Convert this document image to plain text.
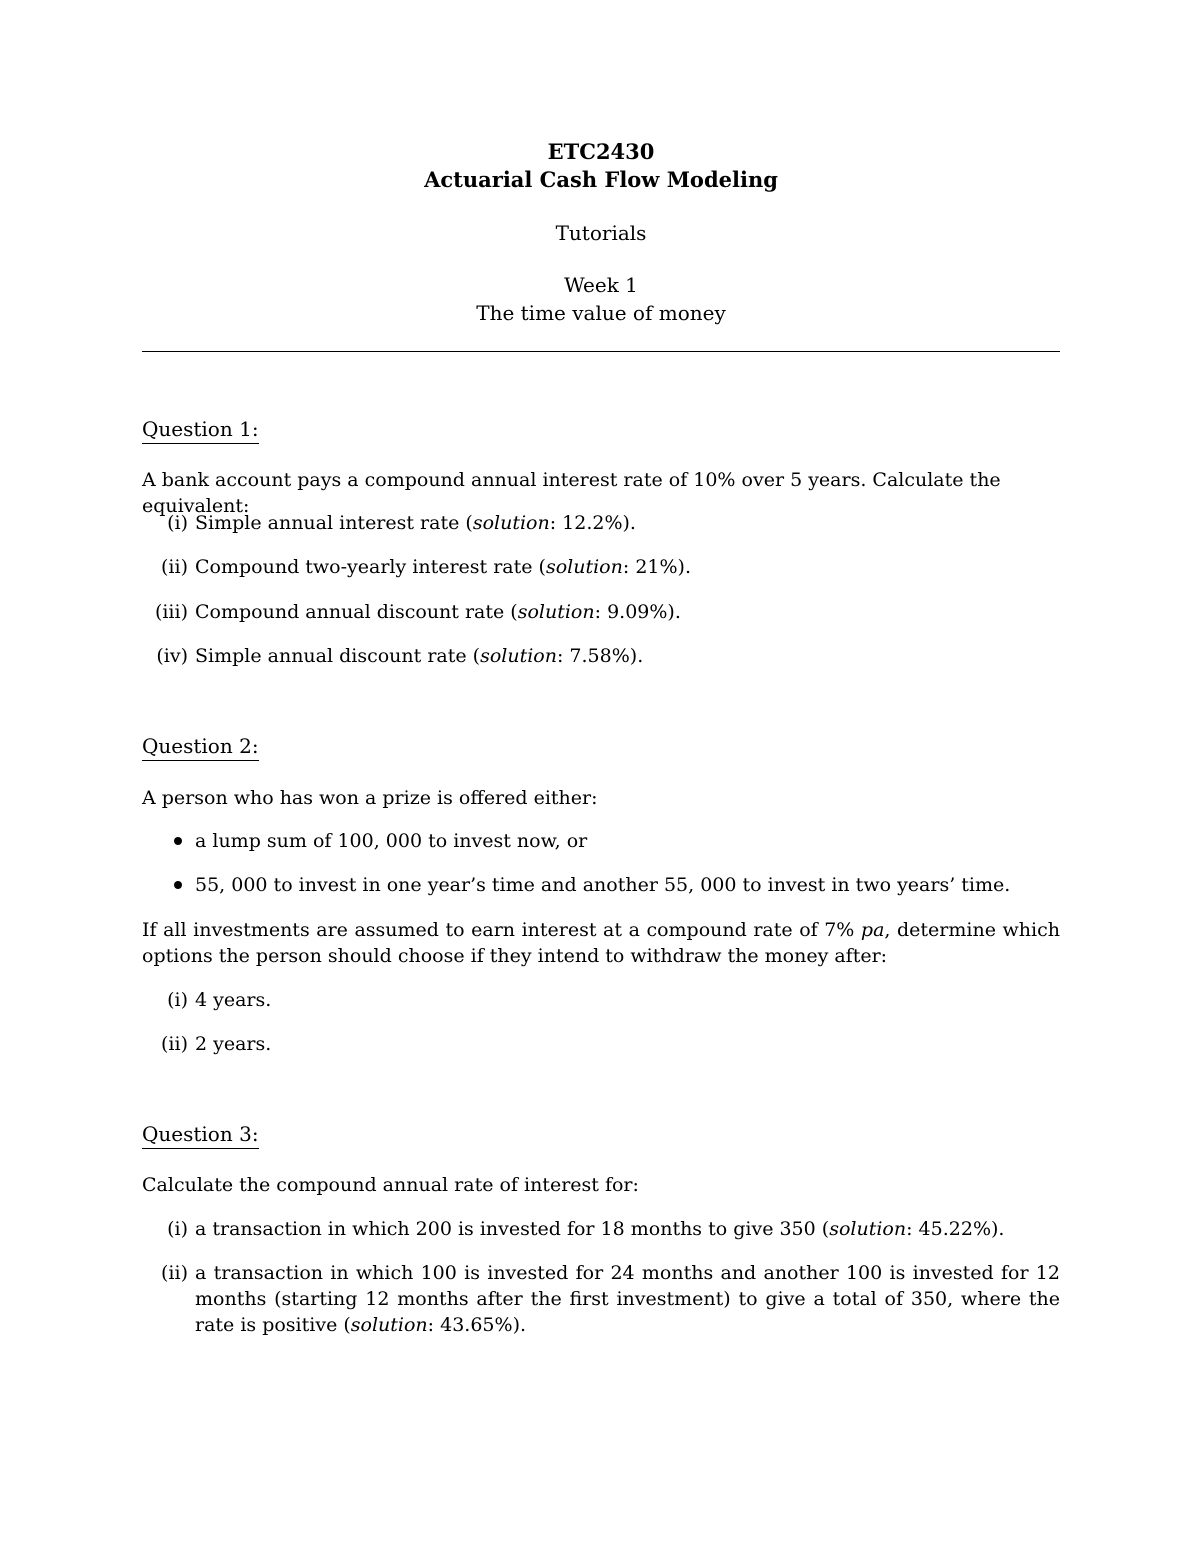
ETC2430
Actuarial Cash Flow Modeling
Tutorials
Week 1
The time value of money
Question 1:
A bank account pays a compound annual interest rate of 10% over 5 years. Calculate the equivalent:
(i) Simple annual interest rate (solution: 12.2%).
(ii) Compound two-yearly interest rate (solution: 21%).
(iii) Compound annual discount rate (solution: 9.09%).
(iv) Simple annual discount rate (solution: 7.58%).
Question 2:
A person who has won a prize is offered either:
a lump sum of 100, 000 to invest now, or
55, 000 to invest in one year’s time and another 55, 000 to invest in two years’ time.
If all investments are assumed to earn interest at a compound rate of 7% pa, determine which options the person should choose if they intend to withdraw the money after:
(i) 4 years.
(ii) 2 years.
Question 3:
Calculate the compound annual rate of interest for:
(i) a transaction in which 200 is invested for 18 months to give 350 (solution: 45.22%).
(ii) a transaction in which 100 is invested for 24 months and another 100 is invested for 12 months (starting 12 months after the first investment) to give a total of 350, where the rate is positive (solution: 43.65%).
